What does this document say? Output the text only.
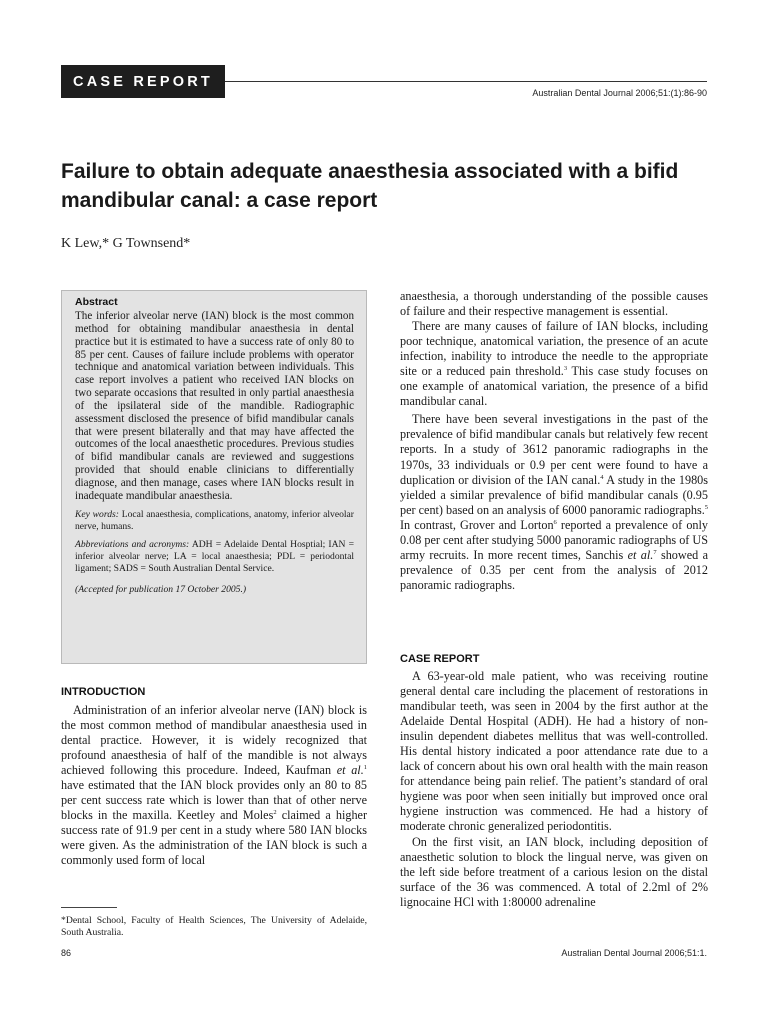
CASE REPORT
Australian Dental Journal 2006;51:(1):86-90
Failure to obtain adequate anaesthesia associated with a bifid mandibular canal: a case report
K Lew,* G Townsend*
Abstract

The inferior alveolar nerve (IAN) block is the most common method for obtaining mandibular anaesthesia in dental practice but it is estimated to have a success rate of only 80 to 85 per cent. Causes of failure include problems with operator technique and anatomical variation between individuals. This case report involves a patient who received IAN blocks on two separate occasions that resulted in only partial anaesthesia of the ipsilateral side of the mandible. Radiographic assessment disclosed the presence of bifid mandibular canals that were present bilaterally and that may have affected the outcomes of the local anaesthetic procedures. Previous studies of bifid mandibular canals are reviewed and suggestions provided that should enable clinicians to differentially diagnose, and then manage, cases where IAN blocks result in inadequate mandibular anaesthesia.

Key words: Local anaesthesia, complications, anatomy, inferior alveolar nerve, humans.

Abbreviations and acronyms: ADH = Adelaide Dental Hosptial; IAN = inferior alveolar nerve; LA = local anaesthesia; PDL = periodontal ligament; SADS = South Australian Dental Service.

(Accepted for publication 17 October 2005.)

INTRODUCTION

Administration of an inferior alveolar nerve (IAN) block is the most common method of mandibular anaesthesia used in dental practice. However, it is widely recognized that profound anaesthesia of half of the mandible is not always achieved following this procedure. Indeed, Kaufman et al.$^1$ have estimated that the IAN block provides only an 80 to 85 per cent success rate which is lower than that of other nerve blocks in the maxilla. Keetley and Moles$^2$ claimed a higher success rate of 91.9 per cent in a study where 580 IAN blocks were given. As the administration of the IAN block is such a commonly used form of local

anaesthesia, a thorough understanding of the possible causes of failure and their respective management is essential.

There are many causes of failure of IAN blocks, including poor technique, anatomical variation, the presence of an acute infection, inability to introduce the needle to the appropriate site or a reduced pain threshold.$^3$ This case study focuses on one example of anatomical variation, the presence of a bifid mandibular canal.

There have been several investigations in the past of the prevalence of bifid mandibular canals but relatively few recent reports. In a study of 3612 panoramic radiographs in the 1970s, 33 individuals or 0.9 per cent were found to have a duplication or division of the IAN canal.$^4$ A study in the 1980s yielded a similar prevalence of bifid mandibular canals (0.95 per cent) based on an analysis of 6000 panoramic radiographs.$^5$ In contrast, Grover and Lorton$^6$ reported a prevalence of only 0.08 per cent after studying 5000 panoramic radiographs of US army recruits. In more recent times, Sanchis et al.$^7$ showed a prevalence of 0.35 per cent from the analysis of 2012 panoramic radiographs.

CASE REPORT

A 63-year-old male patient, who was receiving routine general dental care including the placement of restorations in mandibular teeth, was seen in 2004 by the first author at the Adelaide Dental Hospital (ADH). He had a history of non-insulin dependent diabetes mellitus that was well-controlled. His dental history indicated a poor attendance rate due to a lack of concern about his own oral health with the main reason for attendance being pain relief. The patient’s standard of oral hygiene was poor when seen initially but improved once oral hygiene instruction was commenced. He had a history of moderate chronic generalized periodontitis.

On the first visit, an IAN block, including deposition of anaesthetic solution to block the lingual nerve, was given on the left side before treatment of a carious lesion on the distal surface of the 36 was commenced. A total of 2.2ml of 2% lignocaine HCl with 1:80000 adrenaline

*Dental School, Faculty of Health Sciences, The University of Adelaide, South Australia.

86	Australian Dental Journal 2006;51:1.
